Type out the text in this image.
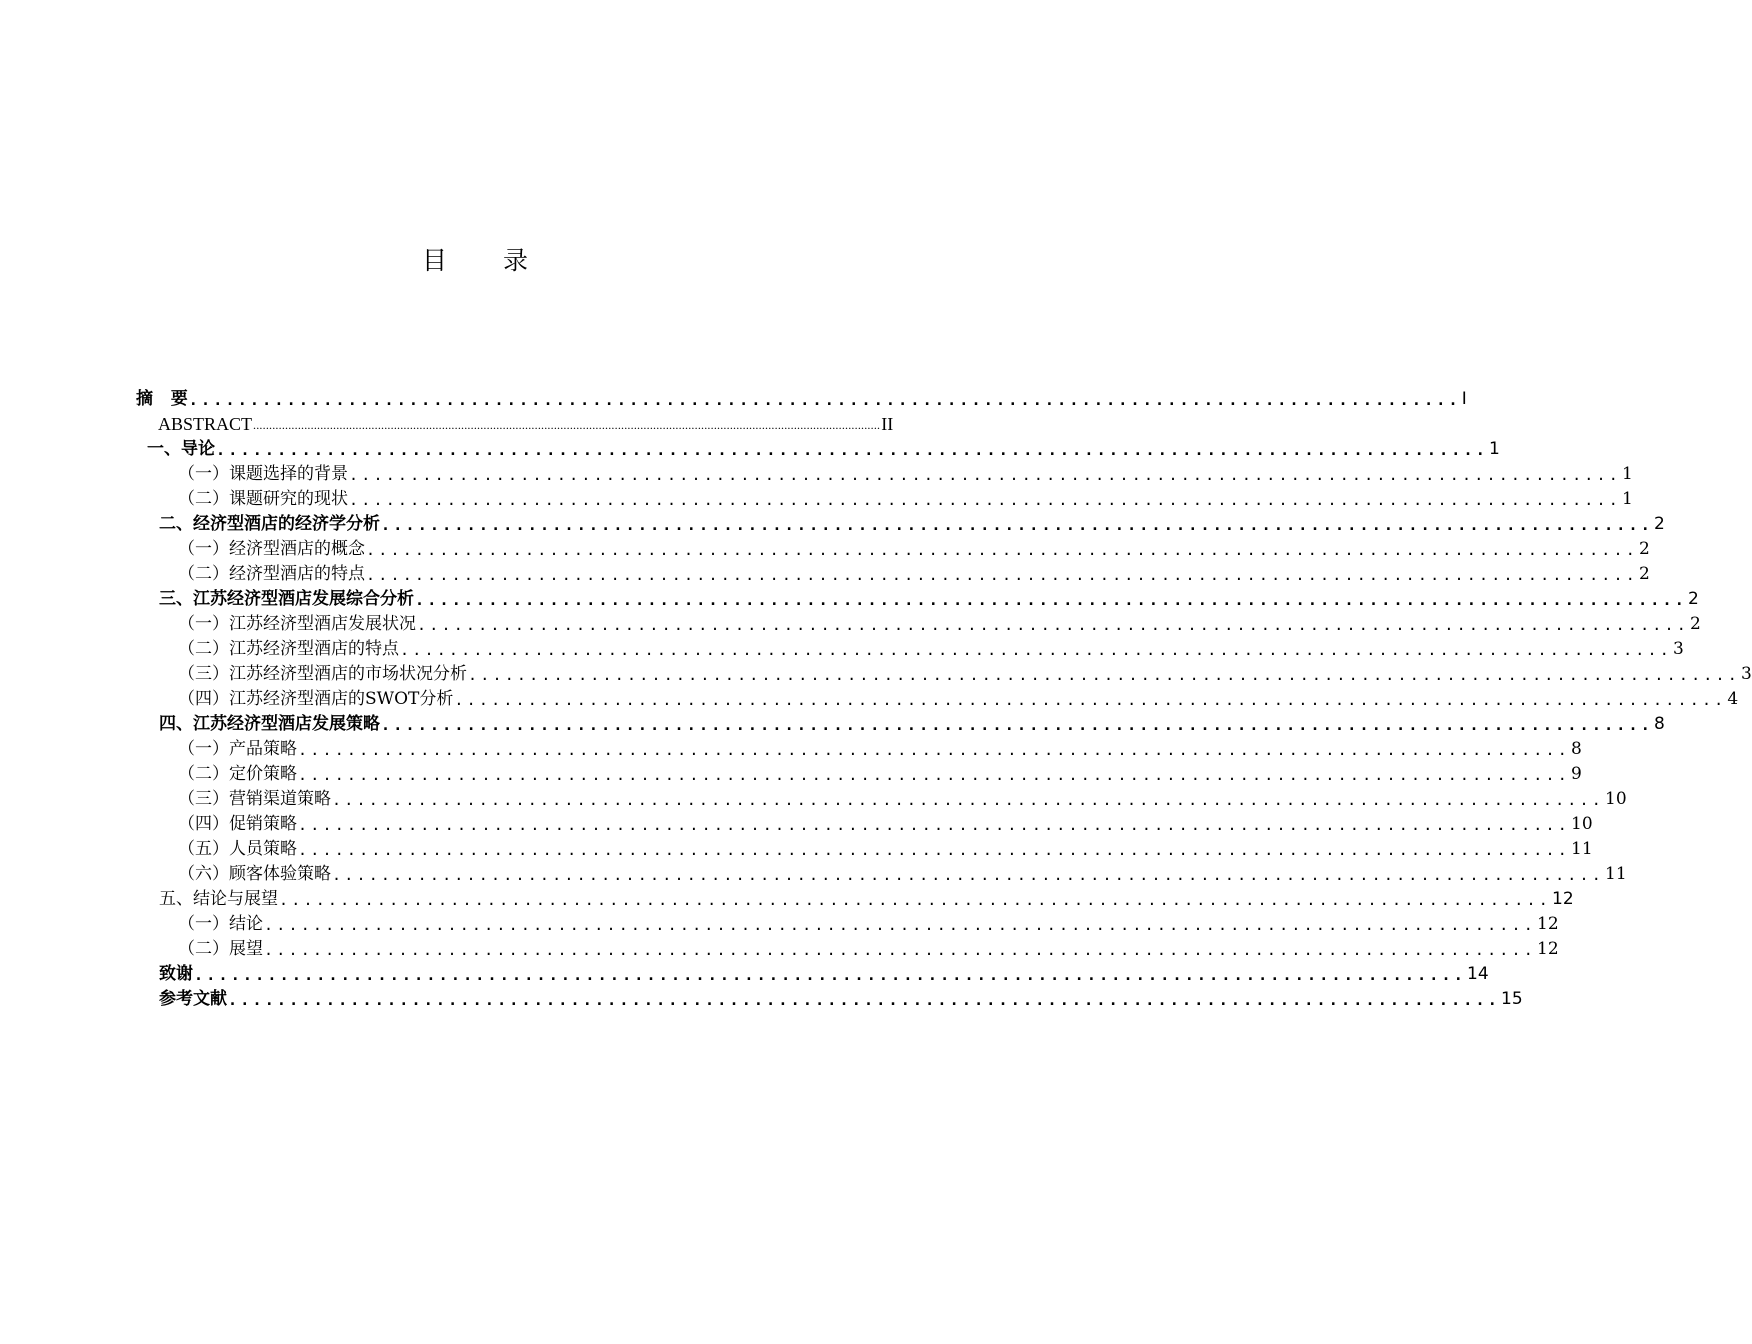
目 录
摘   要 ........................................................................................................ I
ABSTRACT .................................................................................................................................................................................................... II
一、导论 ........................................................................................................ 1
（一）课题选择的背景 ........................................................................................................ 1
（二）课题研究的现状 ........................................................................................................ 1
二、经济型酒店的经济学分析 ........................................................................................................ 2
（一）经济型酒店的概念 ........................................................................................................ 2
（二）经济型酒店的特点 ........................................................................................................ 2
三、江苏经济型酒店发展综合分析 ........................................................................................................ 2
（一）江苏经济型酒店发展状况 ........................................................................................................ 2
（二）江苏经济型酒店的特点 ........................................................................................................ 3
（三）江苏经济型酒店的市场状况分析 ........................................................................................................ 3
（四）江苏经济型酒店的SWOT分析 ........................................................................................................ 4
四、江苏经济型酒店发展策略 ........................................................................................................ 8
（一）产品策略 ........................................................................................................ 8
（二）定价策略 ........................................................................................................ 9
（三）营销渠道策略 ........................................................................................................ 10
（四）促销策略 ........................................................................................................ 10
（五）人员策略 ........................................................................................................ 11
（六）顾客体验策略 ........................................................................................................ 11
五、结论与展望 ........................................................................................................ 12
（一）结论 ........................................................................................................ 12
（二）展望 ........................................................................................................ 12
致谢 ........................................................................................................ 14
参考文献 ........................................................................................................ 15
